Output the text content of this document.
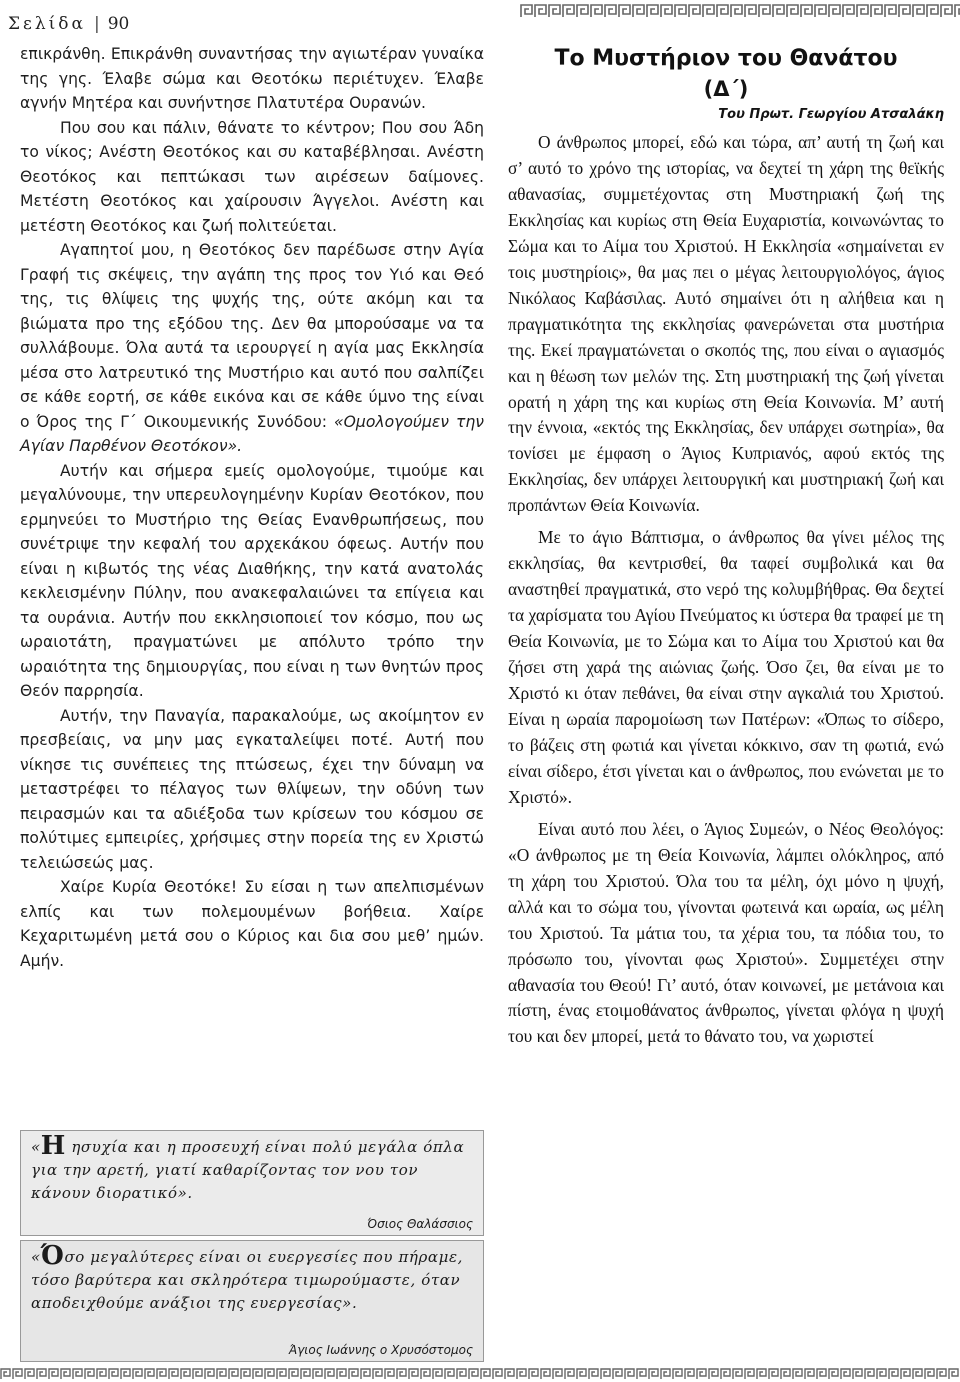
Σελίδα | 90

επικράνθη. Επικράνθη συναντήσας την αγιωτέραν γυναίκα της γης. Έλαβε σώμα και Θεοτόκω περιέτυχεν. Έλαβε αγνήν Μητέρα και συνήντησε Πλατυτέρα Ουρανών.

Που σου και πάλιν, θάνατε το κέντρον; Που σου Άδη το νίκος; Ανέστη Θεοτόκος και συ καταβέβλησαι. Ανέστη Θεοτόκος και πεπτώκασι των αιρέσεων δαίμονες. Μετέστη Θεοτόκος και χαίρουσιν Άγγελοι. Ανέστη και μετέστη Θεοτόκος και ζωή πολιτεύεται.

Αγαπητοί μου, η Θεοτόκος δεν παρέδωσε στην Αγία Γραφή τις σκέψεις, την αγάπη της προς τον Υιό και Θεό της, τις θλίψεις της ψυχής της, ούτε ακόμη και τα βιώματα προ της εξόδου της. Δεν θα μπορούσαμε να τα συλλάβουμε. Όλα αυτά τα ιερουργεί η αγία μας Εκκλησία μέσα στο λατρευτικό της Μυστήριο και αυτό που σαλπίζει σε κάθε εορτή, σε κάθε εικόνα και σε κάθε ύμνο της είναι ο Όρος της Γ΄ Οικουμενικής Συνόδου: «Ομολογούμεν την Αγίαν Παρθένον Θεοτόκον».

Αυτήν και σήμερα εμείς ομολογούμε, τιμούμε και μεγαλύνουμε, την υπερευλογημένην Κυρίαν Θεοτόκον, που ερμηνεύει το Μυστήριο της Θείας Ενανθρωπήσεως, που συνέτριψε την κεφαλή του αρχεκάκου όφεως. Αυτήν που είναι η κιβωτός της νέας Διαθήκης, την κατά ανατολάς κεκλεισμένην Πύλην, που ανακεφαλαιώνει τα επίγεια και τα ουράνια. Αυτήν που εκκλησιοποιεί τον κόσμο, που ως ωραιοτάτη, πραγματώνει με απόλυτο τρόπο την ωραιότητα της δημιουργίας, που είναι η των θνητών προς Θεόν παρρησία.

Αυτήν, την Παναγία, παρακαλούμε, ως ακοίμητον εν πρεσβείαις, να μην μας εγκαταλείψει ποτέ. Αυτή που νίκησε τις συνέπειες της πτώσεως, έχει την δύναμη να μεταστρέφει το πέλαγος των θλίψεων, την οδύνη των πειρασμών και τα αδιέξοδα των κρίσεων του κόσμου σε πολύτιμες εμπειρίες, χρήσιμες στην πορεία της εν Χριστώ τελειώσεώς μας.

Χαίρε Κυρία Θεοτόκε! Συ είσαι η των απελπισμένων ελπίς και των πολεμουμένων βοήθεια. Χαίρε Κεχαριτωμένη μετά σου ο Κύριος και δια σου μεθ’ ημών. Αμήν.

«Η ησυχία και η προσευχή είναι πολύ μεγάλα όπλα για την αρετή, γιατί καθαρίζοντας τον νου τον κάνουν διορατικό».
Όσιος Θαλάσσιος
«Όσο μεγαλύτερες είναι οι ευεργεσίες που πήραμε, τόσο βαρύτερα και σκληρότερα τιμωρούμαστε, όταν αποδειχθούμε ανάξιοι της ευεργεσίας».
Άγιος Ιωάννης ο Χρυσόστομος
Το Μυστήριον του Θανάτου
(Δ΄)
Του Πρωτ. Γεωργίου Ατσαλάκη

Ο άνθρωπος μπορεί, εδώ και τώρα, απ’ αυτή τη ζωή και σ’ αυτό το χρόνο της ιστορίας, να δεχτεί τη χάρη της θεϊκής αθανασίας, συμμετέχοντας στη Μυστηριακή ζωή της Εκκλησίας και κυρίως στη Θεία Ευχαριστία, κοινωνώντας το Σώμα και το Αίμα του Χριστού. Η Εκκλησία «σημαίνεται εν τοις μυστηρίοις», θα μας πει ο μέγας λειτουργιολόγος, άγιος Νικόλαος Καβάσιλας. Αυτό σημαίνει ότι η αλήθεια και η πραγματικότητα της εκκλησίας φανερώνεται στα μυστήρια της. Εκεί πραγματώνεται ο σκοπός της, που είναι ο αγιασμός και η θέωση των μελών της. Στη μυστηριακή της ζωή γίνεται ορατή η χάρη της και κυρίως στη Θεία Κοινωνία. Μ’ αυτή την έννοια, «εκτός της Εκκλησίας, δεν υπάρχει σωτηρία», θα τονίσει με έμφαση ο Άγιος Κυπριανός, αφού εκτός της Εκκλησίας, δεν υπάρχει λειτουργική και μυστηριακή ζωή και προπάντων Θεία Κοινωνία.

Με το άγιο Βάπτισμα, ο άνθρωπος θα γίνει μέλος της εκκλησίας, θα κεντρισθεί, θα ταφεί συμβολικά και θα αναστηθεί πραγματικά, στο νερό της κολυμβήθρας. Θα δεχτεί τα χαρίσματα του Αγίου Πνεύματος κι ύστερα θα τραφεί με τη Θεία Κοινωνία, με το Σώμα και το Αίμα του Χριστού και θα ζήσει στη χαρά της αιώνιας ζωής. Όσο ζει, θα είναι με το Χριστό κι όταν πεθάνει, θα είναι στην αγκαλιά του Χριστού. Είναι η ωραία παρομοίωση των Πατέρων: «Όπως το σίδερο, το βάζεις στη φωτιά και γίνεται κόκκινο, σαν τη φωτιά, ενώ είναι σίδερο, έτσι γίνεται και ο άνθρωπος, που ενώνεται με το Χριστό».

Είναι αυτό που λέει, ο Άγιος Συμεών, ο Νέος Θεολόγος: «Ο άνθρωπος με τη Θεία Κοινωνία, λάμπει ολόκληρος, από τη χάρη του Χριστού. Όλα του τα μέλη, όχι μόνο η ψυχή, αλλά και το σώμα του, γίνονται φωτεινά και ωραία, ως μέλη του Χριστού. Τα μάτια του, τα χέρια του, τα πόδια του, το πρόσωπο του, γίνονται φως Χριστού». Συμμετέχει στην αθανασία του Θεού! Γι’ αυτό, όταν κοινωνεί, με μετάνοια και πίστη, ένας ετοιμοθάνατος άνθρωπος, γίνεται φλόγα η ψυχή του και δεν μπορεί, μετά το θάνατο του, να χωριστεί
